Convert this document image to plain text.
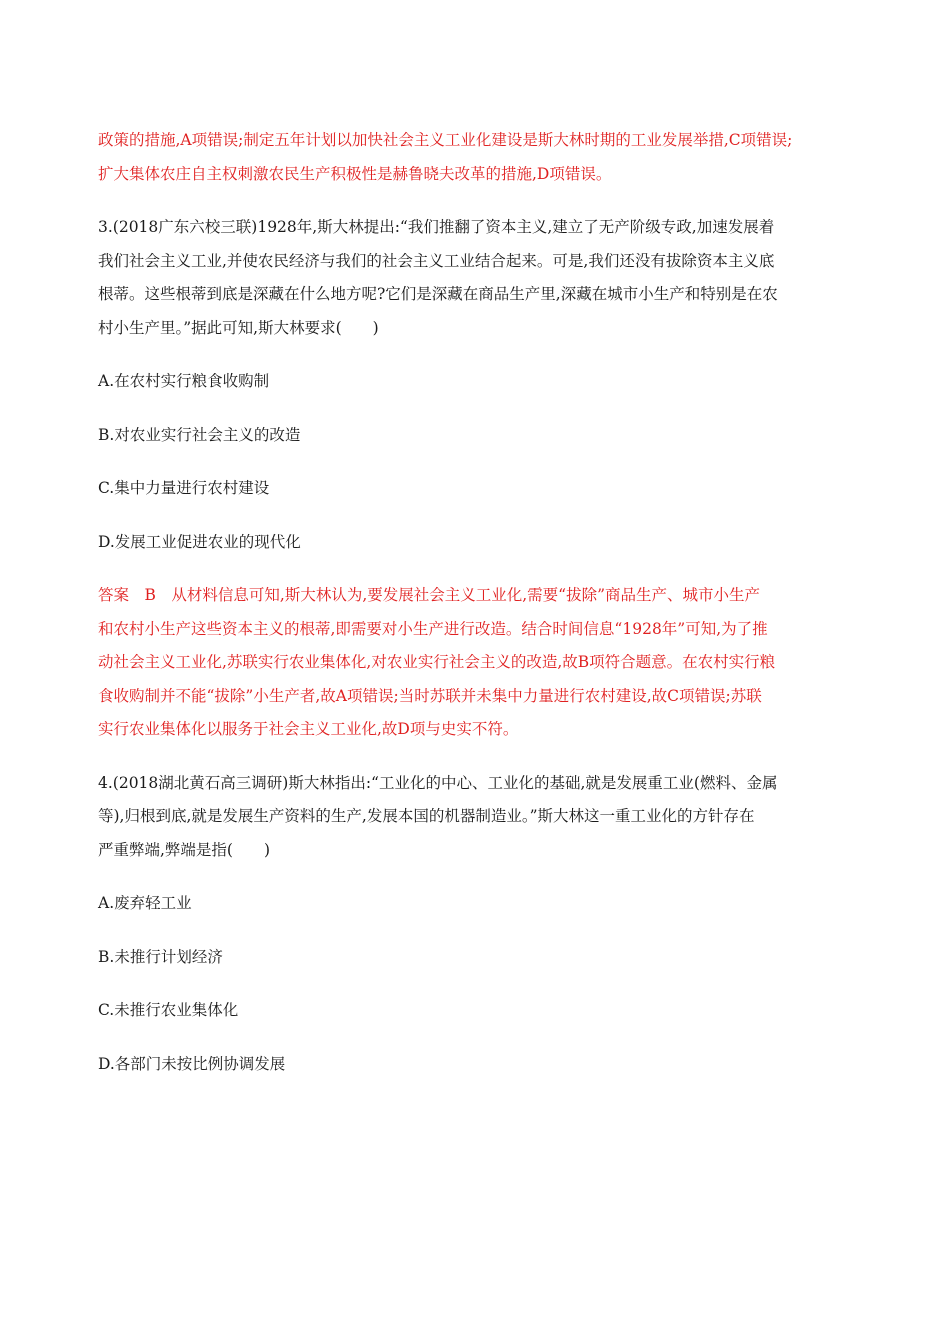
政策的措施,A项错误;制定五年计划以加快社会主义工业化建设是斯大林时期的工业发展举措,C项错误;

扩大集体农庄自主权刺激农民生产积极性是赫鲁晓夫改革的措施,D项错误。

3.(2018广东六校三联)1928年,斯大林提出:“我们推翻了资本主义,建立了无产阶级专政,加速发展着

我们社会主义工业,并使农民经济与我们的社会主义工业结合起来。可是,我们还没有拔除资本主义底

根蒂。这些根蒂到底是深藏在什么地方呢?它们是深藏在商品生产里,深藏在城市小生产和特别是在农

村小生产里。”据此可知,斯大林要求(　　)

A.在农村实行粮食收购制

B.对农业实行社会主义的改造

C.集中力量进行农村建设

D.发展工业促进农业的现代化

答案　B　从材料信息可知,斯大林认为,要发展社会主义工业化,需要“拔除”商品生产、城市小生产

和农村小生产这些资本主义的根蒂,即需要对小生产进行改造。结合时间信息“1928年”可知,为了推

动社会主义工业化,苏联实行农业集体化,对农业实行社会主义的改造,故B项符合题意。在农村实行粮

食收购制并不能“拔除”小生产者,故A项错误;当时苏联并未集中力量进行农村建设,故C项错误;苏联

实行农业集体化以服务于社会主义工业化,故D项与史实不符。

4.(2018湖北黄石高三调研)斯大林指出:“工业化的中心、工业化的基础,就是发展重工业(燃料、金属

等),归根到底,就是发展生产资料的生产,发展本国的机器制造业。”斯大林这一重工业化的方针存在

严重弊端,弊端是指(　　)

A.废弃轻工业

B.未推行计划经济

C.未推行农业集体化

D.各部门未按比例协调发展
